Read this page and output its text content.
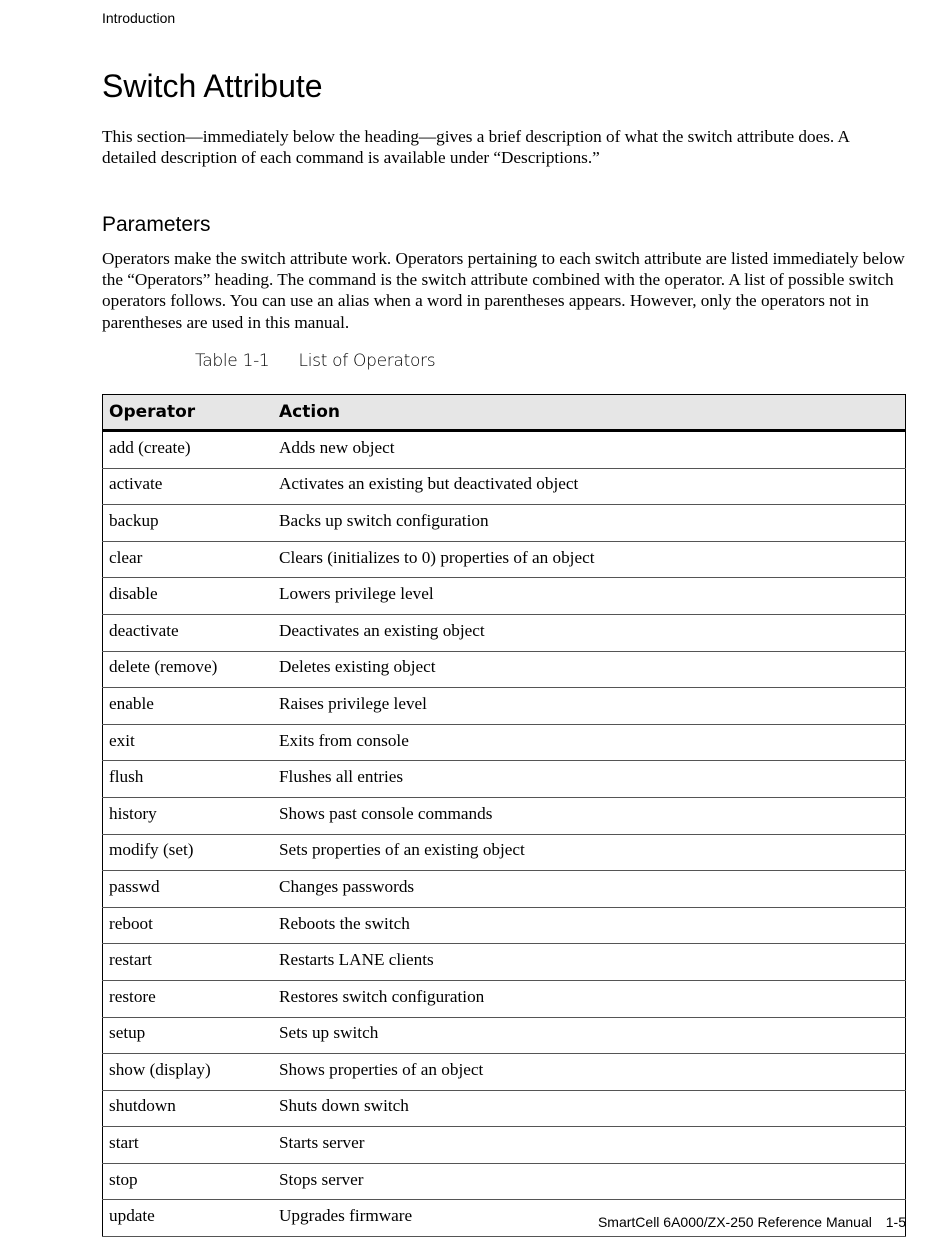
Introduction
Switch Attribute

This section—immediately below the heading—gives a brief description of what the switch attribute does. A detailed description of each command is available under “Descriptions.”

Parameters

Operators make the switch attribute work. Operators pertaining to each switch attribute are listed immediately below the “Operators” heading. The command is the switch attribute combined with the operator. A list of possible switch operators follows. You can use an alias when a word in parentheses appears. However, only the operators not in parentheses are used in this manual.

Table 1-1 List of Operators
Operator	Action
add (create)	Adds new object
activate	Activates an existing but deactivated object
backup	Backs up switch configuration
clear	Clears (initializes to 0) properties of an object
disable	Lowers privilege level
deactivate	Deactivates an existing object
delete (remove)	Deletes existing object
enable	Raises privilege level
exit	Exits from console
flush	Flushes all entries
history	Shows past console commands
modify (set)	Sets properties of an existing object
passwd	Changes passwords
reboot	Reboots the switch
restart	Restarts LANE clients
restore	Restores switch configuration
setup	Sets up switch
show (display)	Shows properties of an object
shutdown	Shuts down switch
start	Starts server
stop	Stops server
update	Upgrades firmware	SmartCell 6A000/ZX-250 Reference Manual 1-5
